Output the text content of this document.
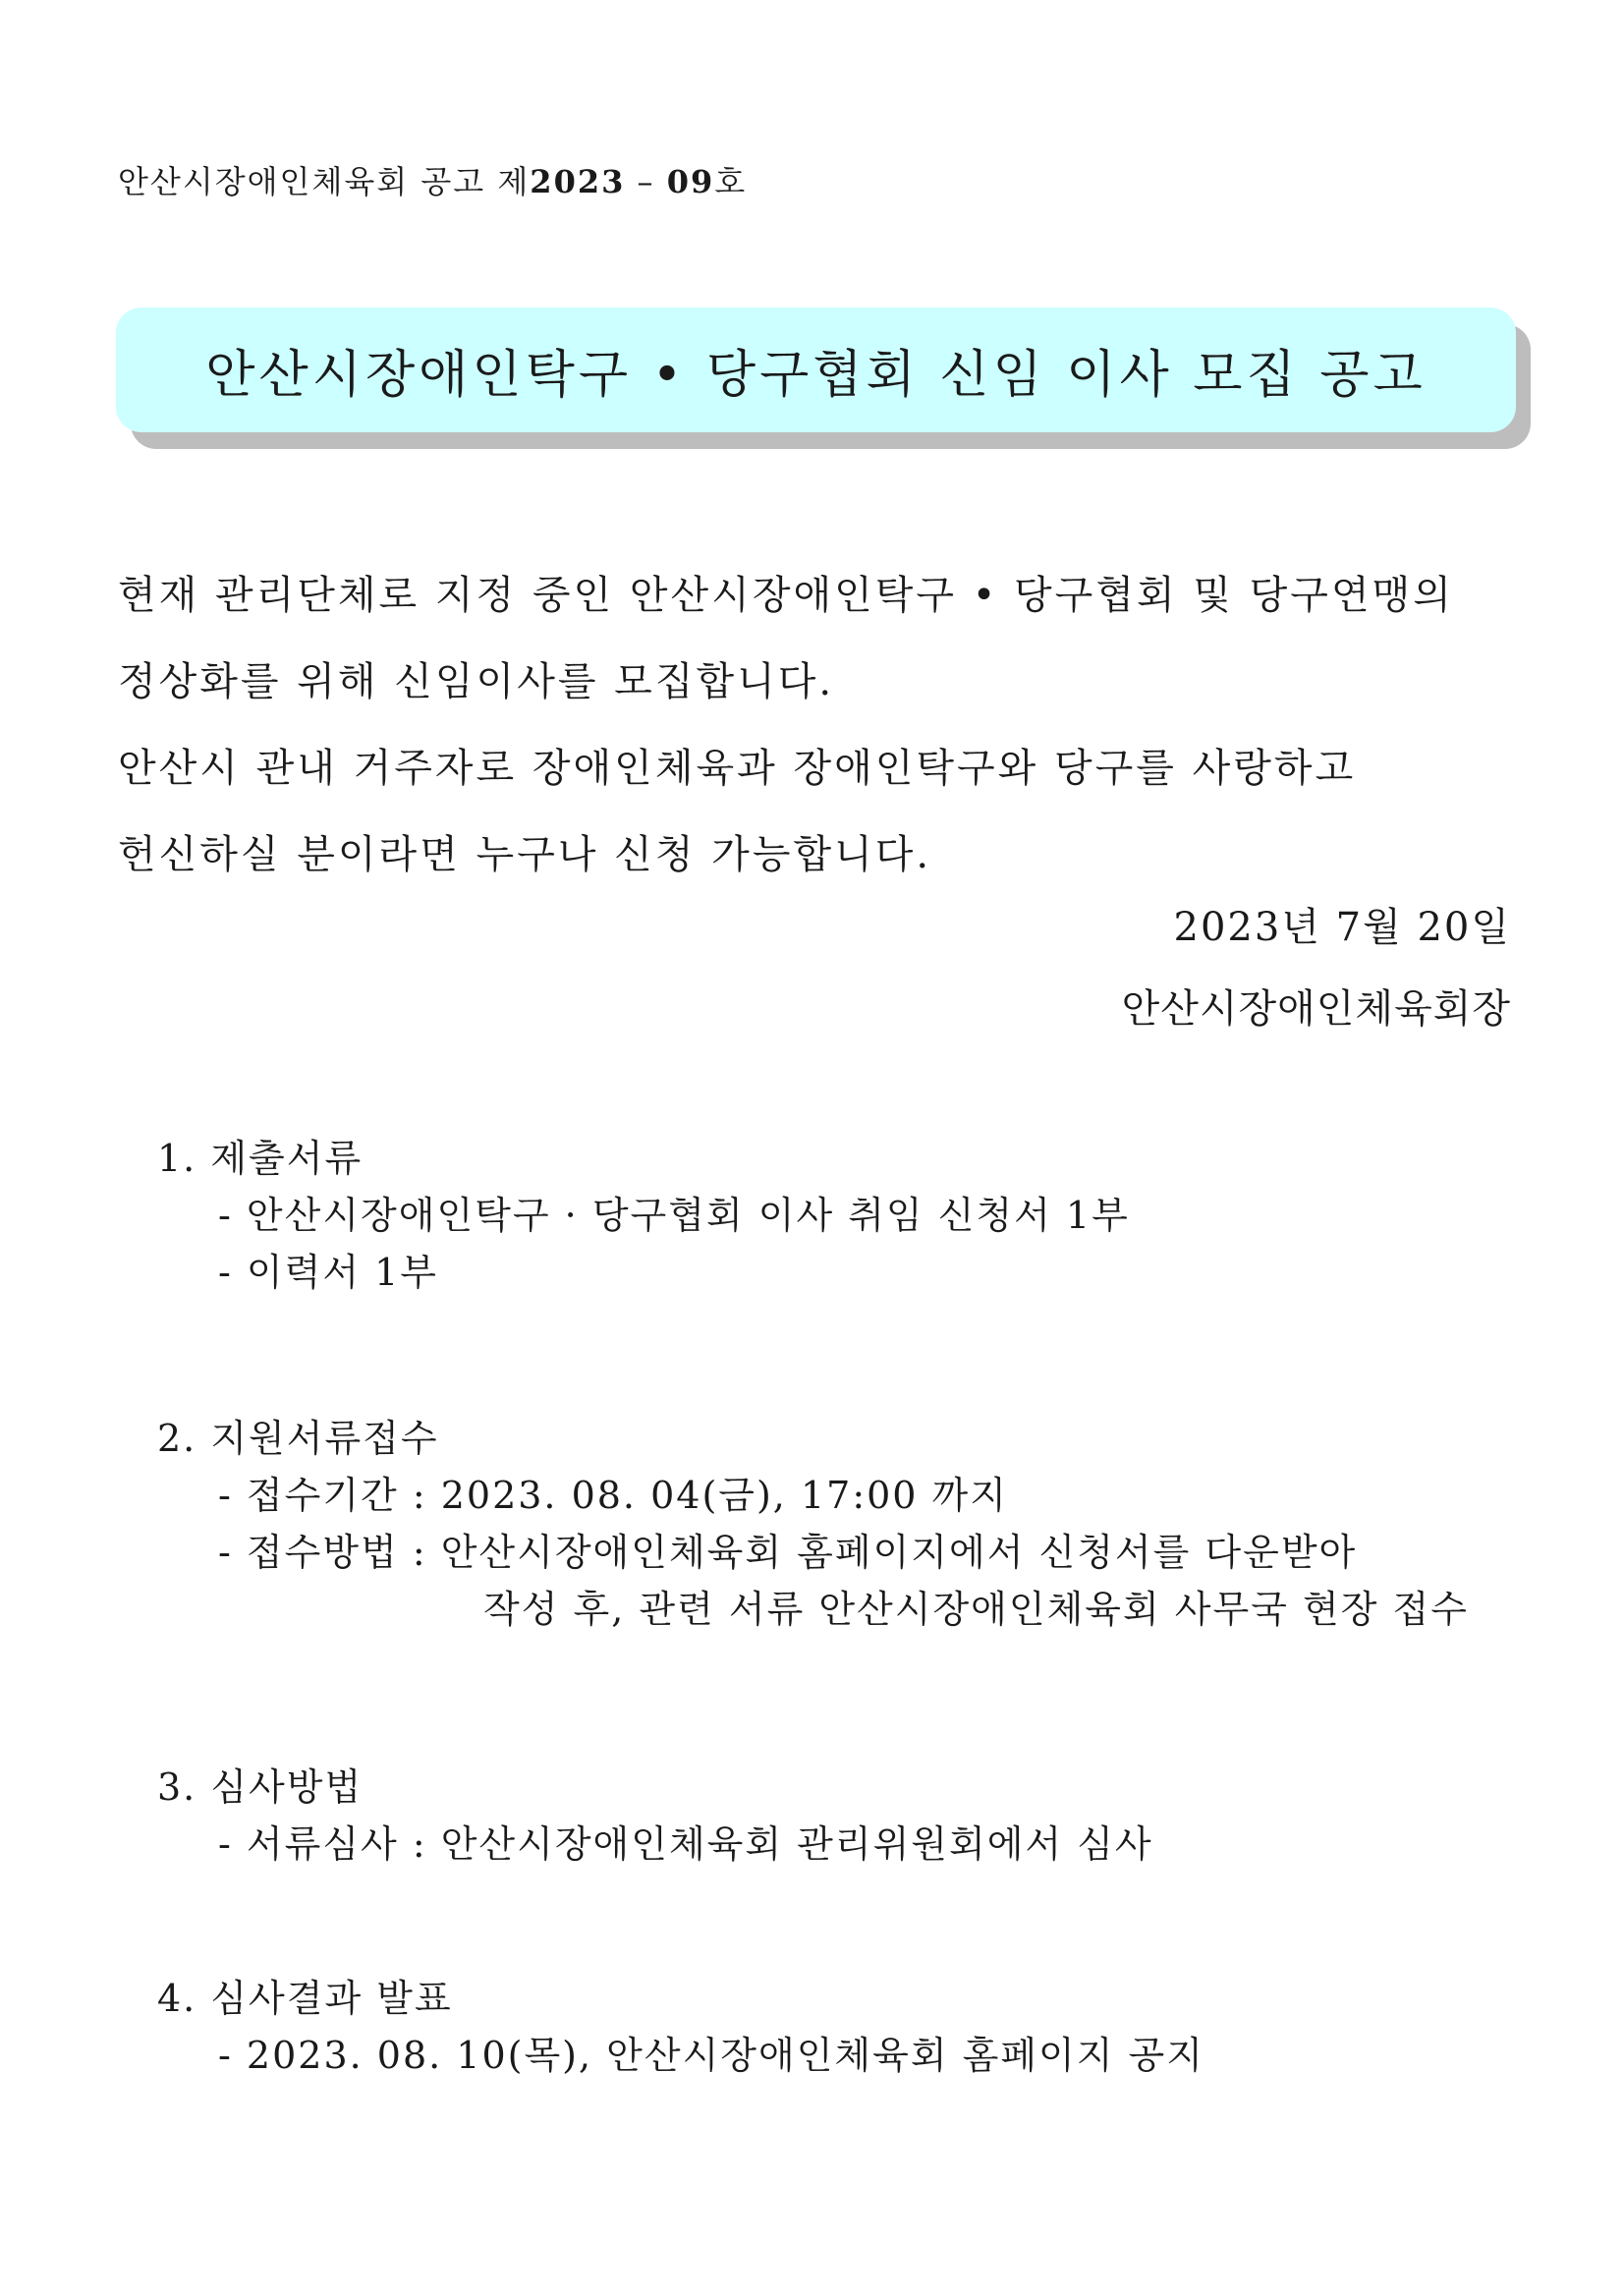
안산시장애인체육회 공고 제2023 – 09호
안산시장애인탁구 • 당구협회 신임 이사 모집 공고
현재 관리단체로 지정 중인 안산시장애인탁구 • 당구협회 및 당구연맹의
정상화를 위해 신임이사를 모집합니다.
안산시 관내 거주자로 장애인체육과 장애인탁구와 당구를 사랑하고
헌신하실 분이라면 누구나 신청 가능합니다.
2023년 7월 20일
안산시장애인체육회장
1. 제출서류
- 안산시장애인탁구 · 당구협회 이사 취임 신청서 1부
- 이력서 1부
2. 지원서류접수
- 접수기간 : 2023. 08. 04(금), 17:00 까지
- 접수방법 : 안산시장애인체육회 홈페이지에서 신청서를 다운받아
작성 후, 관련 서류 안산시장애인체육회 사무국 현장 접수
3. 심사방법
- 서류심사 : 안산시장애인체육회 관리위원회에서 심사
4. 심사결과 발표
- 2023. 08. 10(목), 안산시장애인체육회 홈페이지 공지
